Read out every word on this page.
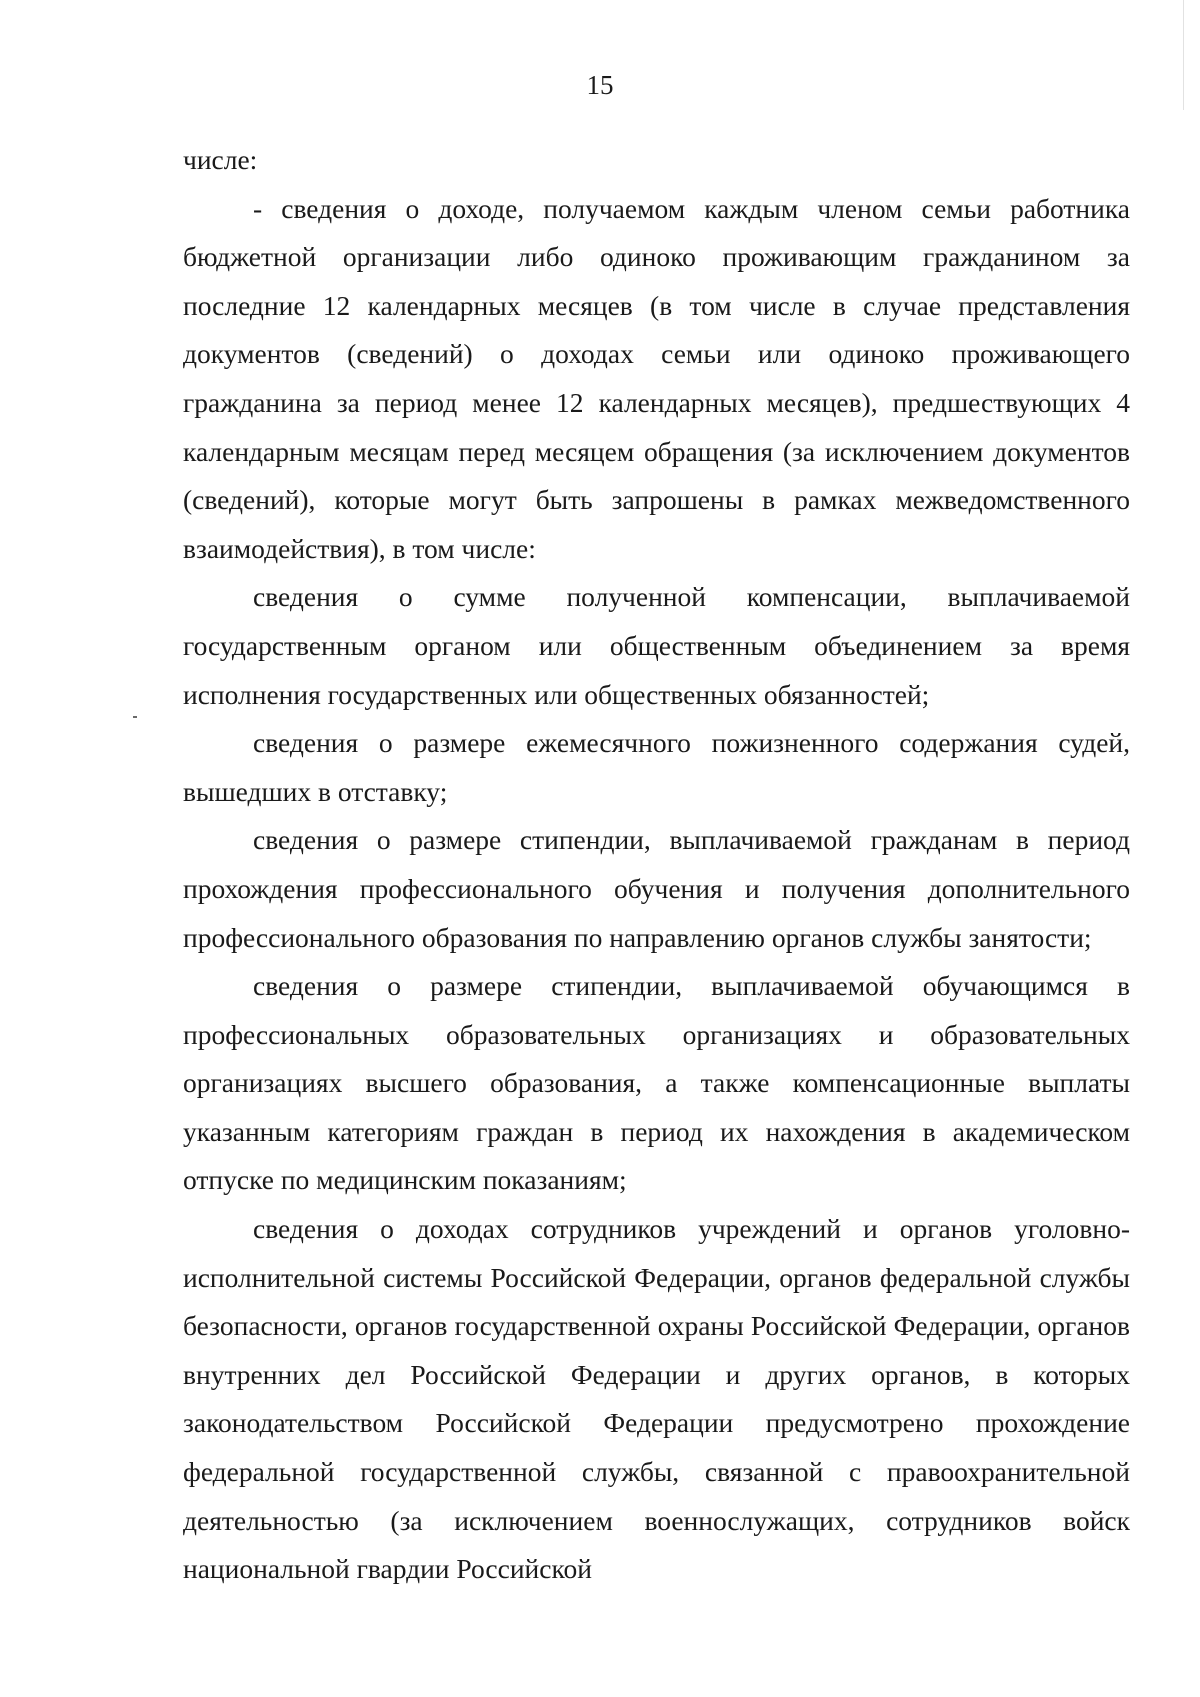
15

числе:

- сведения о доходе, получаемом каждым членом семьи работника бюджетной организации либо одиноко проживающим гражданином за последние 12 календарных месяцев (в том числе в случае представления документов (сведений) о доходах семьи или одиноко проживающего гражданина за период менее 12 календарных месяцев), предшествующих 4 календарным месяцам перед месяцем обращения (за исключением документов (сведений), которые могут быть запрошены в рамках межведомственного взаимодействия), в том числе:

сведения о сумме полученной компенсации, выплачиваемой государственным органом или общественным объединением за время исполнения государственных или общественных обязанностей;

сведения о размере ежемесячного пожизненного содержания судей, вышедших в отставку;

сведения о размере стипендии, выплачиваемой гражданам в период прохождения профессионального обучения и получения дополнительного профессионального образования по направлению органов службы занятости;

сведения о размере стипендии, выплачиваемой обучающимся в профессиональных образовательных организациях и образовательных организациях высшего образования, а также компенсационные выплаты указанным категориям граждан в период их нахождения в академическом отпуске по медицинским показаниям;

сведения о доходах сотрудников учреждений и органов уголовно-исполнительной системы Российской Федерации, органов федеральной службы безопасности, органов государственной охраны Российской Федерации, органов внутренних дел Российской Федерации и других органов, в которых законодательством Российской Федерации предусмотрено прохождение федеральной государственной службы, связанной с правоохранительной деятельностью (за исключением военнослужащих, сотрудников войск национальной гвардии Российской
